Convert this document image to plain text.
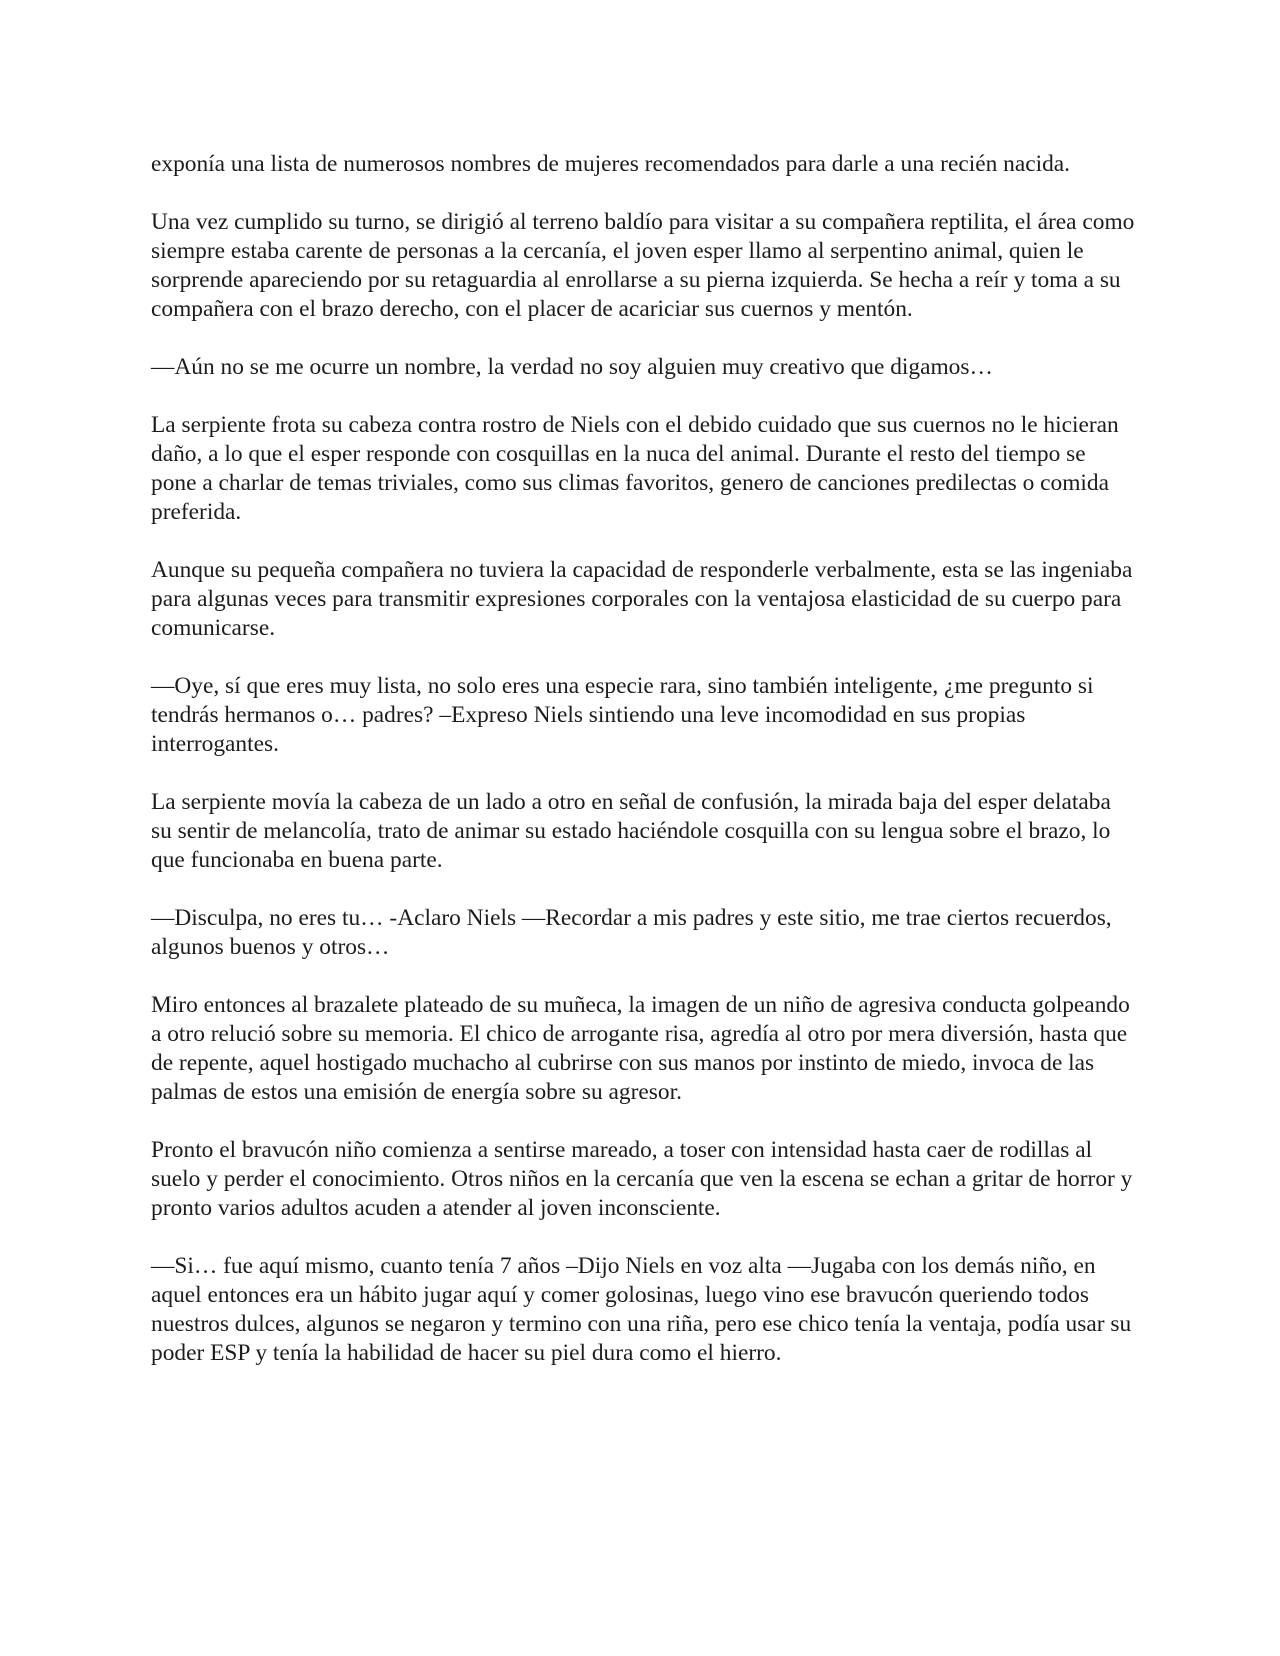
exponía una lista de numerosos nombres de mujeres recomendados para darle a una recién nacida.

Una vez cumplido su turno, se dirigió al terreno baldío para visitar a su compañera reptilita, el área como siempre estaba carente de personas a la cercanía, el joven esper llamo al serpentino animal, quien le sorprende apareciendo por su retaguardia al enrollarse a su pierna izquierda. Se hecha a reír y toma a su compañera con el brazo derecho, con el placer de acariciar sus cuernos y mentón.

—Aún no se me ocurre un nombre, la verdad no soy alguien muy creativo que digamos…

La serpiente frota su cabeza contra rostro de Niels con el debido cuidado que sus cuernos no le hicieran daño, a lo que el esper responde con cosquillas en la nuca del animal. Durante el resto del tiempo se pone a charlar de temas triviales, como sus climas favoritos, genero de canciones predilectas o comida preferida.

Aunque su pequeña compañera no tuviera la capacidad de responderle verbalmente, esta se las ingeniaba para algunas veces para transmitir expresiones corporales con la ventajosa elasticidad de su cuerpo para comunicarse.

—Oye, sí que eres muy lista, no solo eres una especie rara, sino también inteligente, ¿me pregunto si tendrás hermanos o… padres? –Expreso Niels sintiendo una leve incomodidad en sus propias interrogantes.

La serpiente movía la cabeza de un lado a otro en señal de confusión, la mirada baja del esper delataba su sentir de melancolía, trato de animar su estado haciéndole cosquilla con su lengua sobre el brazo, lo que funcionaba en buena parte.

—Disculpa, no eres tu… -Aclaro Niels —Recordar a mis padres y este sitio, me trae ciertos recuerdos, algunos buenos y otros…

Miro entonces al brazalete plateado de su muñeca, la imagen de un niño de agresiva conducta golpeando a otro relució sobre su memoria. El chico de arrogante risa, agredía al otro por mera diversión, hasta que de repente, aquel hostigado muchacho al cubrirse con sus manos por instinto de miedo, invoca de las palmas de estos una emisión de energía sobre su agresor.

Pronto el bravucón niño comienza a sentirse mareado, a toser con intensidad hasta caer de rodillas al suelo y perder el conocimiento. Otros niños en la cercanía que ven la escena se echan a gritar de horror y pronto varios adultos acuden a atender al joven inconsciente.

—Si… fue aquí mismo, cuanto tenía 7 años –Dijo Niels en voz alta —Jugaba con los demás niño, en aquel entonces era un hábito jugar aquí y comer golosinas, luego vino ese bravucón queriendo todos nuestros dulces, algunos se negaron y termino con una riña, pero ese chico tenía la ventaja, podía usar su poder ESP y tenía la habilidad de hacer su piel dura como el hierro.
